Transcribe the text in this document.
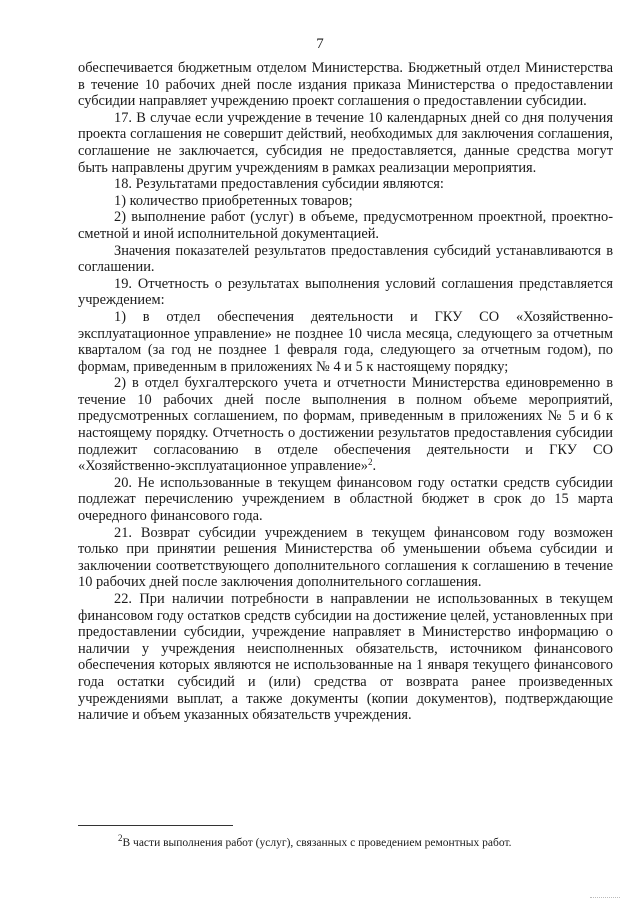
7

обеспечивается бюджетным отделом Министерства. Бюджетный отдел Министерства в течение 10 рабочих дней после издания приказа Министерства о предоставлении субсидии направляет учреждению проект соглашения о предоставлении субсидии.

17. В случае если учреждение в течение 10 календарных дней со дня получения проекта соглашения не совершит действий, необходимых для заключения соглашения, соглашение не заключается, субсидия не предоставляется, данные средства могут быть направлены другим учреждениям в рамках реализации мероприятия.

18. Результатами предоставления субсидии являются:

1) количество приобретенных товаров;

2) выполнение работ (услуг) в объеме, предусмотренном проектной, проектно-сметной и иной исполнительной документацией.

Значения показателей результатов предоставления субсидий устанавливаются в соглашении.

19. Отчетность о результатах выполнения условий соглашения представляется учреждением:

1) в отдел обеспечения деятельности и ГКУ СО «Хозяйственно-эксплуатационное управление» не позднее 10 числа месяца, следующего за отчетным кварталом (за год не позднее 1 февраля года, следующего за отчетным годом), по формам, приведенным в приложениях № 4 и 5 к настоящему порядку;

2) в отдел бухгалтерского учета и отчетности Министерства единовременно в течение 10 рабочих дней после выполнения в полном объеме мероприятий, предусмотренных соглашением, по формам, приведенным в приложениях № 5 и 6 к настоящему порядку. Отчетность о достижении результатов предоставления субсидии подлежит согласованию в отделе обеспечения деятельности и ГКУ СО «Хозяйственно-эксплуатационное управление»$^2$.

20. Не использованные в текущем финансовом году остатки средств субсидии подлежат перечислению учреждением в областной бюджет в срок до 15 марта очередного финансового года.

21. Возврат субсидии учреждением в текущем финансовом году возможен только при принятии решения Министерства об уменьшении объема субсидии и заключении соответствующего дополнительного соглашения к соглашению в течение 10 рабочих дней после заключения дополнительного соглашения.

22. При наличии потребности в направлении не использованных в текущем финансовом году остатков средств субсидии на достижение целей, установленных при предоставлении субсидии, учреждение направляет в Министерство информацию о наличии у учреждения неисполненных обязательств, источником финансового обеспечения которых являются не использованные на 1 января текущего финансового года остатки субсидий и (или) средства от возврата ранее произведенных учреждениями выплат, а также документы (копии документов), подтверждающие наличие и объем указанных обязательств учреждения.

$^2$В части выполнения работ (услуг), связанных с проведением ремонтных работ.
